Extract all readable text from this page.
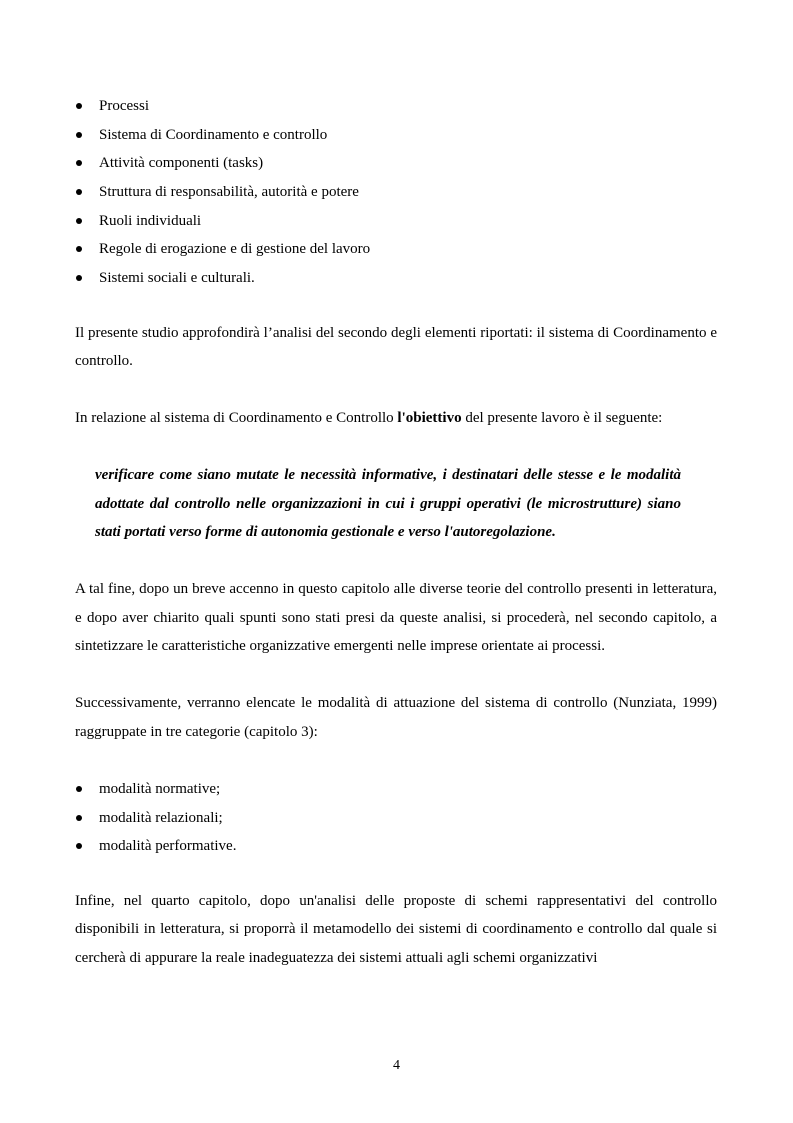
Processi
Sistema di Coordinamento e controllo
Attività componenti (tasks)
Struttura di responsabilità, autorità e potere
Ruoli individuali
Regole di erogazione e di gestione del lavoro
Sistemi sociali e culturali.

Il presente studio approfondirà l’analisi del secondo degli elementi riportati: il sistema di Coordinamento e controllo.

In relazione al sistema di Coordinamento e Controllo l'obiettivo del presente lavoro è il seguente:

verificare come siano mutate le necessità informative, i destinatari delle stesse e le modalità adottate dal controllo nelle organizzazioni in cui i gruppi operativi (le microstrutture) siano stati portati verso forme di autonomia gestionale e verso l'autoregolazione.

A tal fine, dopo un breve accenno in questo capitolo alle diverse teorie del controllo presenti in letteratura, e dopo aver chiarito quali spunti sono stati presi da queste analisi, si procederà, nel secondo capitolo, a sintetizzare le caratteristiche organizzative emergenti nelle imprese orientate ai processi.

Successivamente, verranno elencate le modalità di attuazione del sistema di controllo (Nunziata, 1999) raggruppate in tre categorie (capitolo 3):

modalità normative;
modalità relazionali;
modalità performative.

Infine, nel quarto capitolo, dopo un'analisi delle proposte di schemi rappresentativi del controllo disponibili in letteratura, si proporrà il metamodello dei sistemi di coordinamento e controllo dal quale si cercherà di appurare la reale inadeguatezza dei sistemi attuali agli schemi organizzativi

4
